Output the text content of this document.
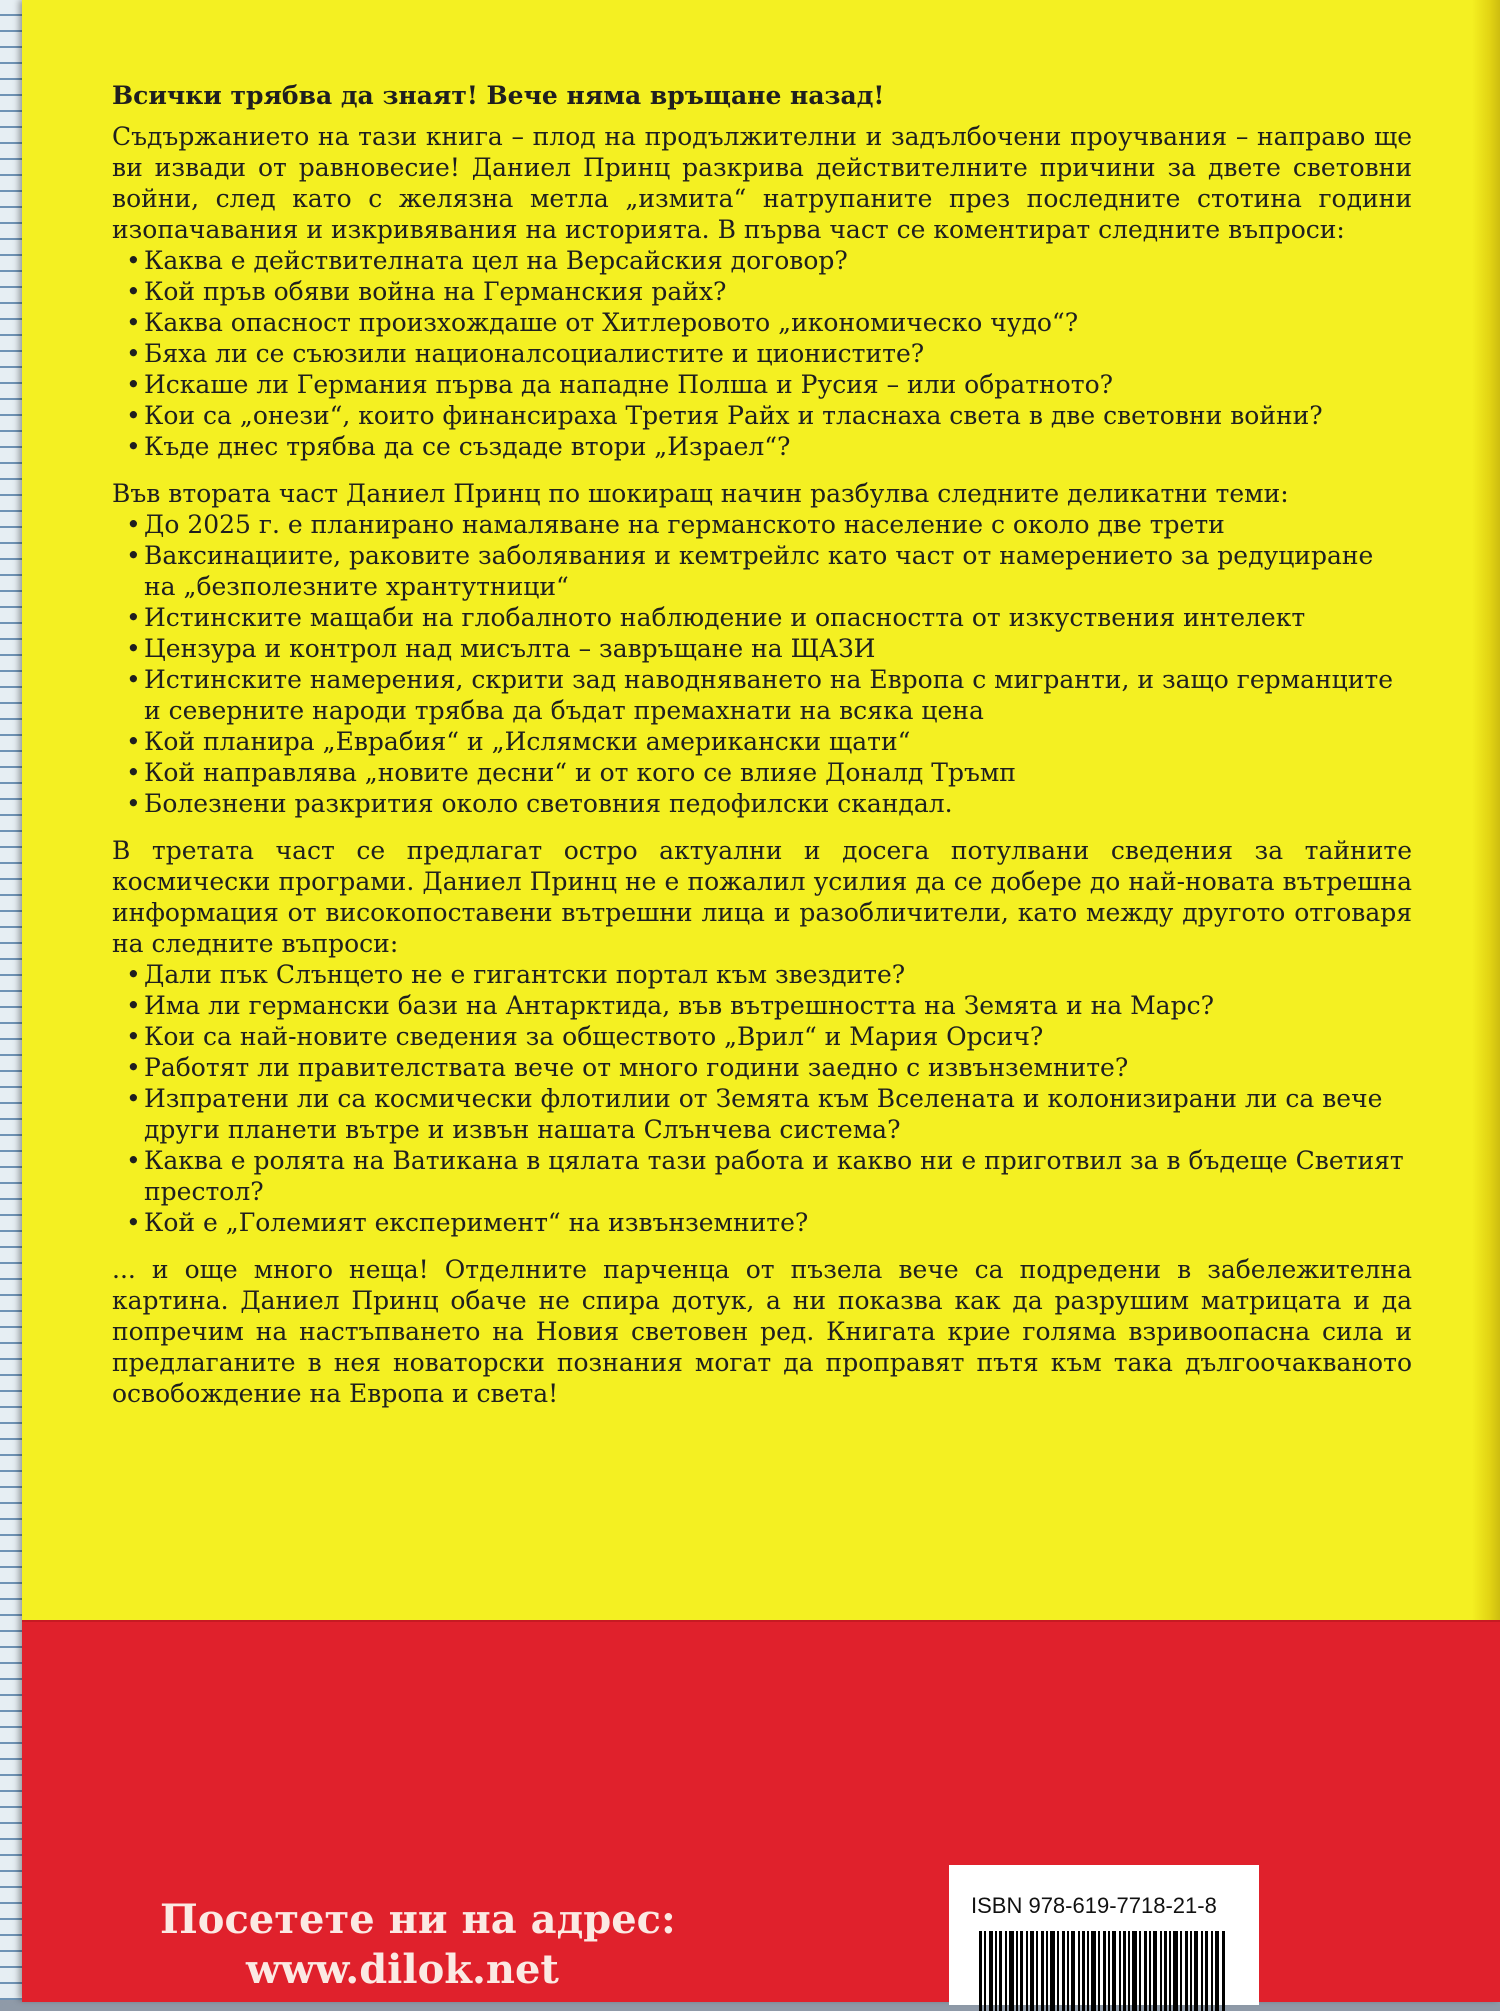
Всички трябва да знаят! Вече няма връщане назад!

Съдържанието на тази книга – плод на продължителни и задълбочени проучвания – направо ще ви извади от равновесие! Даниел Принц разкрива действителните причини за двете световни войни, след като с желязна метла „измита“ натрупаните през последните стотина години изопачавания и изкривявания на историята. В първа част се коментират следните въпроси:

• Каква е действителната цел на Версайския договор?
• Кой пръв обяви война на Германския райх?
• Каква опасност произхождаше от Хитлеровото „икономическо чудо“?
• Бяха ли се съюзили националсоциалистите и ционистите?
• Искаше ли Германия първа да нападне Полша и Русия – или обратното?
• Кои са „онези“, които финансираха Третия Райх и тласнаха света в две световни войни?
• Къде днес трябва да се създаде втори „Израел“?

Във втората част Даниел Принц по шокиращ начин разбулва следните деликатни теми:

• До 2025 г. е планирано намаляване на германското население с около две трети
• Ваксинациите, раковите заболявания и кемтрейлс като част от намерението за редуциране на „безполезните хрантутници“
• Истинските мащаби на глобалното наблюдение и опасността от изкуствения интелект
• Цензура и контрол над мисълта – завръщане на ЩАЗИ
• Истинските намерения, скрити зад наводняването на Европа с мигранти, и защо германците и северните народи трябва да бъдат премахнати на всяка цена
• Кой планира „Еврабия“ и „Ислямски американски щати“
• Кой направлява „новите десни“ и от кого се влияе Доналд Тръмп
• Болезнени разкрития около световния педофилски скандал.

В третата част се предлагат остро актуални и досега потулвани сведения за тайните космически програми. Даниел Принц не е пожалил усилия да се добере до най-новата вътрешна информация от високопоставени вътрешни лица и разобличители, като между другото отговаря на следните въпроси:

• Дали пък Слънцето не е гигантски портал към звездите?
• Има ли германски бази на Антарктида, във вътрешността на Земята и на Марс?
• Кои са най-новите сведения за обществото „Врил“ и Мария Орсич?
• Работят ли правителствата вече от много години заедно с извънземните?
• Изпратени ли са космически флотилии от Земята към Вселената и колонизирани ли са вече други планети вътре и извън нашата Слънчева система?
• Каква е ролята на Ватикана в цялата тази работа и какво ни е приготвил за в бъдеще Светият престол?
• Кой е „Големият експеримент“ на извънземните?

... и още много неща! Отделните парченца от пъзела вече са подредени в забележителна картина. Даниел Принц обаче не спира дотук, а ни показва как да разрушим матрицата и да попречим на настъпването на Новия световен ред. Книгата крие голяма взривоопасна сила и предлаганите в нея новаторски познания могат да проправят пътя към така дългоочакваното освобождение на Европа и света!

Посетете ни на адрес:
www.dilok.net
ISBN 978-619-7718-21-8
